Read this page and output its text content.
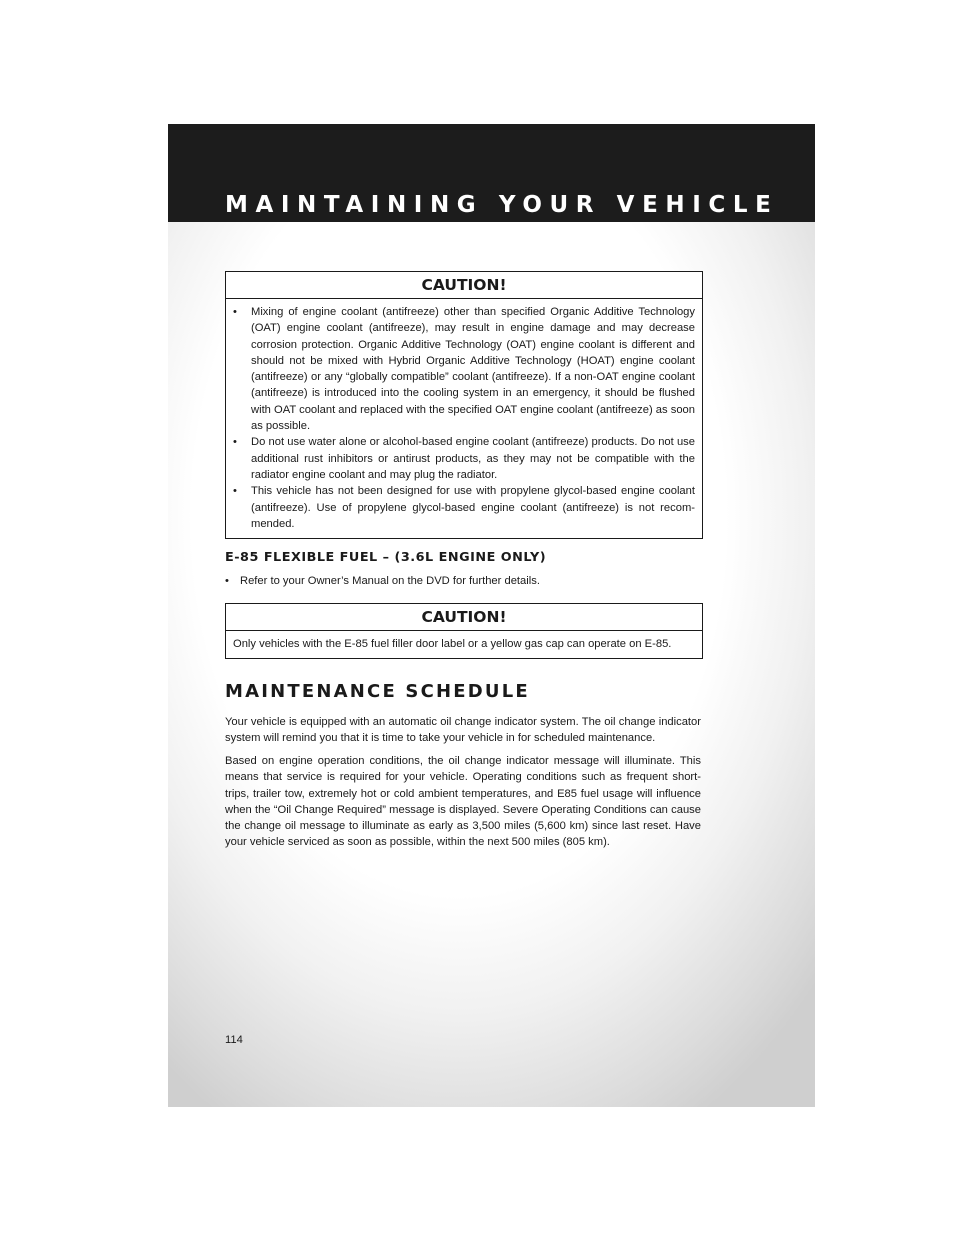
MAINTAINING YOUR VEHICLE
CAUTION!
• Mixing of engine coolant (antifreeze) other than specified Organic Additive Technology (OAT) engine coolant (antifreeze), may result in engine damage and may decrease corrosion protection. Organic Additive Technology (OAT) engine coolant is different and should not be mixed with Hybrid Organic Additive Technology (HOAT) engine coolant (antifreeze) or any “globally compatible” coolant (antifreeze). If a non-OAT engine coolant (antifreeze) is introduced into the cooling system in an emergency, it should be flushed with OAT coolant and replaced with the specified OAT engine coolant (antifreeze) as soon as possible.
• Do not use water alone or alcohol-based engine coolant (antifreeze) products. Do not use additional rust inhibitors or antirust products, as they may not be compatible with the radiator engine coolant and may plug the radiator.
• This vehicle has not been designed for use with propylene glycol-based engine coolant (antifreeze). Use of propylene glycol-based engine coolant (antifreeze) is not recom-mended.
E-85 FLEXIBLE FUEL – (3.6L ENGINE ONLY)
• Refer to your Owner’s Manual on the DVD for further details.
CAUTION!

Only vehicles with the E-85 fuel filler door label or a yellow gas cap can operate on E-85.

MAINTENANCE SCHEDULE

Your vehicle is equipped with an automatic oil change indicator system. The oil change indicator system will remind you that it is time to take your vehicle in for scheduled maintenance.

Based on engine operation conditions, the oil change indicator message will illuminate. This means that service is required for your vehicle. Operating conditions such as frequent short-trips, trailer tow, extremely hot or cold ambient temperatures, and E85 fuel usage will influence when the “Oil Change Required” message is displayed. Severe Operating Conditions can cause the change oil message to illuminate as early as 3,500 miles (5,600 km) since last reset. Have your vehicle serviced as soon as possible, within the next 500 miles (805 km).

114
